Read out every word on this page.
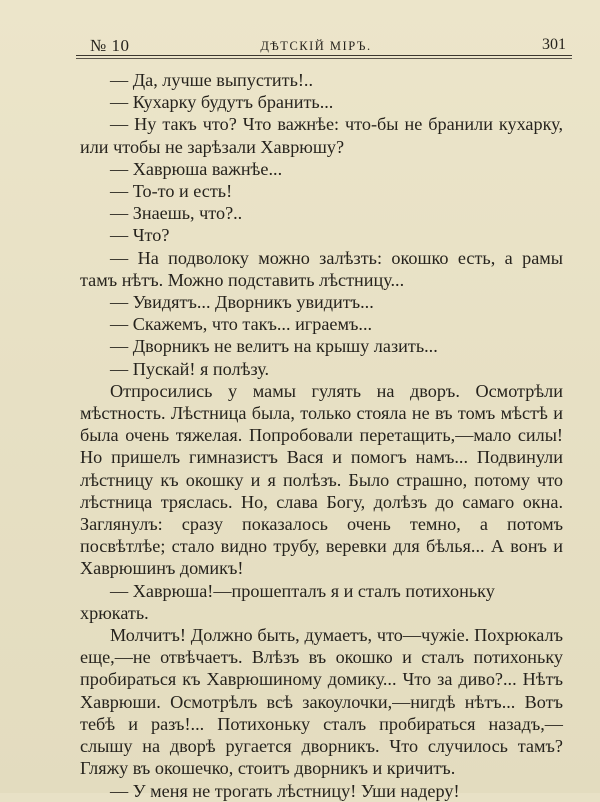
№ 10	ДѢТСКІЙ МІРЪ.	301

— Да, лучше выпустить!..

— Кухарку будутъ бранить...

— Ну такъ что? Что важнѣе: что-бы не бранили кухарку, или чтобы не зарѣзали Хаврюшу?

— Хаврюша важнѣе...

— То-то и есть!

— Знаешь, что?..

— Что?

— На подволоку можно залѣзть: окошко есть, а рамы тамъ нѣтъ. Можно подставить лѣстницу...

— Увидятъ... Дворникъ увидитъ...

— Скажемъ, что такъ... играемъ...

— Дворникъ не велитъ на крышу лазить...

— Пускай! я полѣзу.

Отпросились у мамы гулять на дворъ. Осмотрѣли мѣстность. Лѣстница была, только стояла не въ томъ мѣстѣ и была очень тяжелая. Попробовали перетащить,—мало силы! Но пришелъ гимназистъ Вася и помогъ намъ... Подвинули лѣстницу къ окошку и я полѣзъ. Было страшно, потому что лѣстница тряслась. Но, слава Богу, долѣзъ до самаго окна. Заглянулъ: сразу показалось очень темно, а потомъ посвѣтлѣе; стало видно трубу, веревки для бѣлья... А вонъ и Хаврюшинъ домикъ!

— Хаврюша!—прошепталъ я и сталъ потихоньку хрюкать.

Молчитъ! Должно быть, думаетъ, что—чужіе. Похрюкалъ еще,—не отвѣчаетъ. Влѣзъ въ окошко и сталъ потихоньку пробираться къ Хаврюшиному домику... Что за диво?... Нѣтъ Хаврюши. Осмотрѣлъ всѣ закоулочки,—нигдѣ нѣтъ... Вотъ тебѣ и разъ!... Потихоньку сталъ пробираться назадъ,—слышу на дворѣ ругается дворникъ. Что случилось тамъ? Гляжу въ окошечко, стоитъ дворникъ и кричитъ.

— У меня не трогать лѣстницу! Уши надеру!
